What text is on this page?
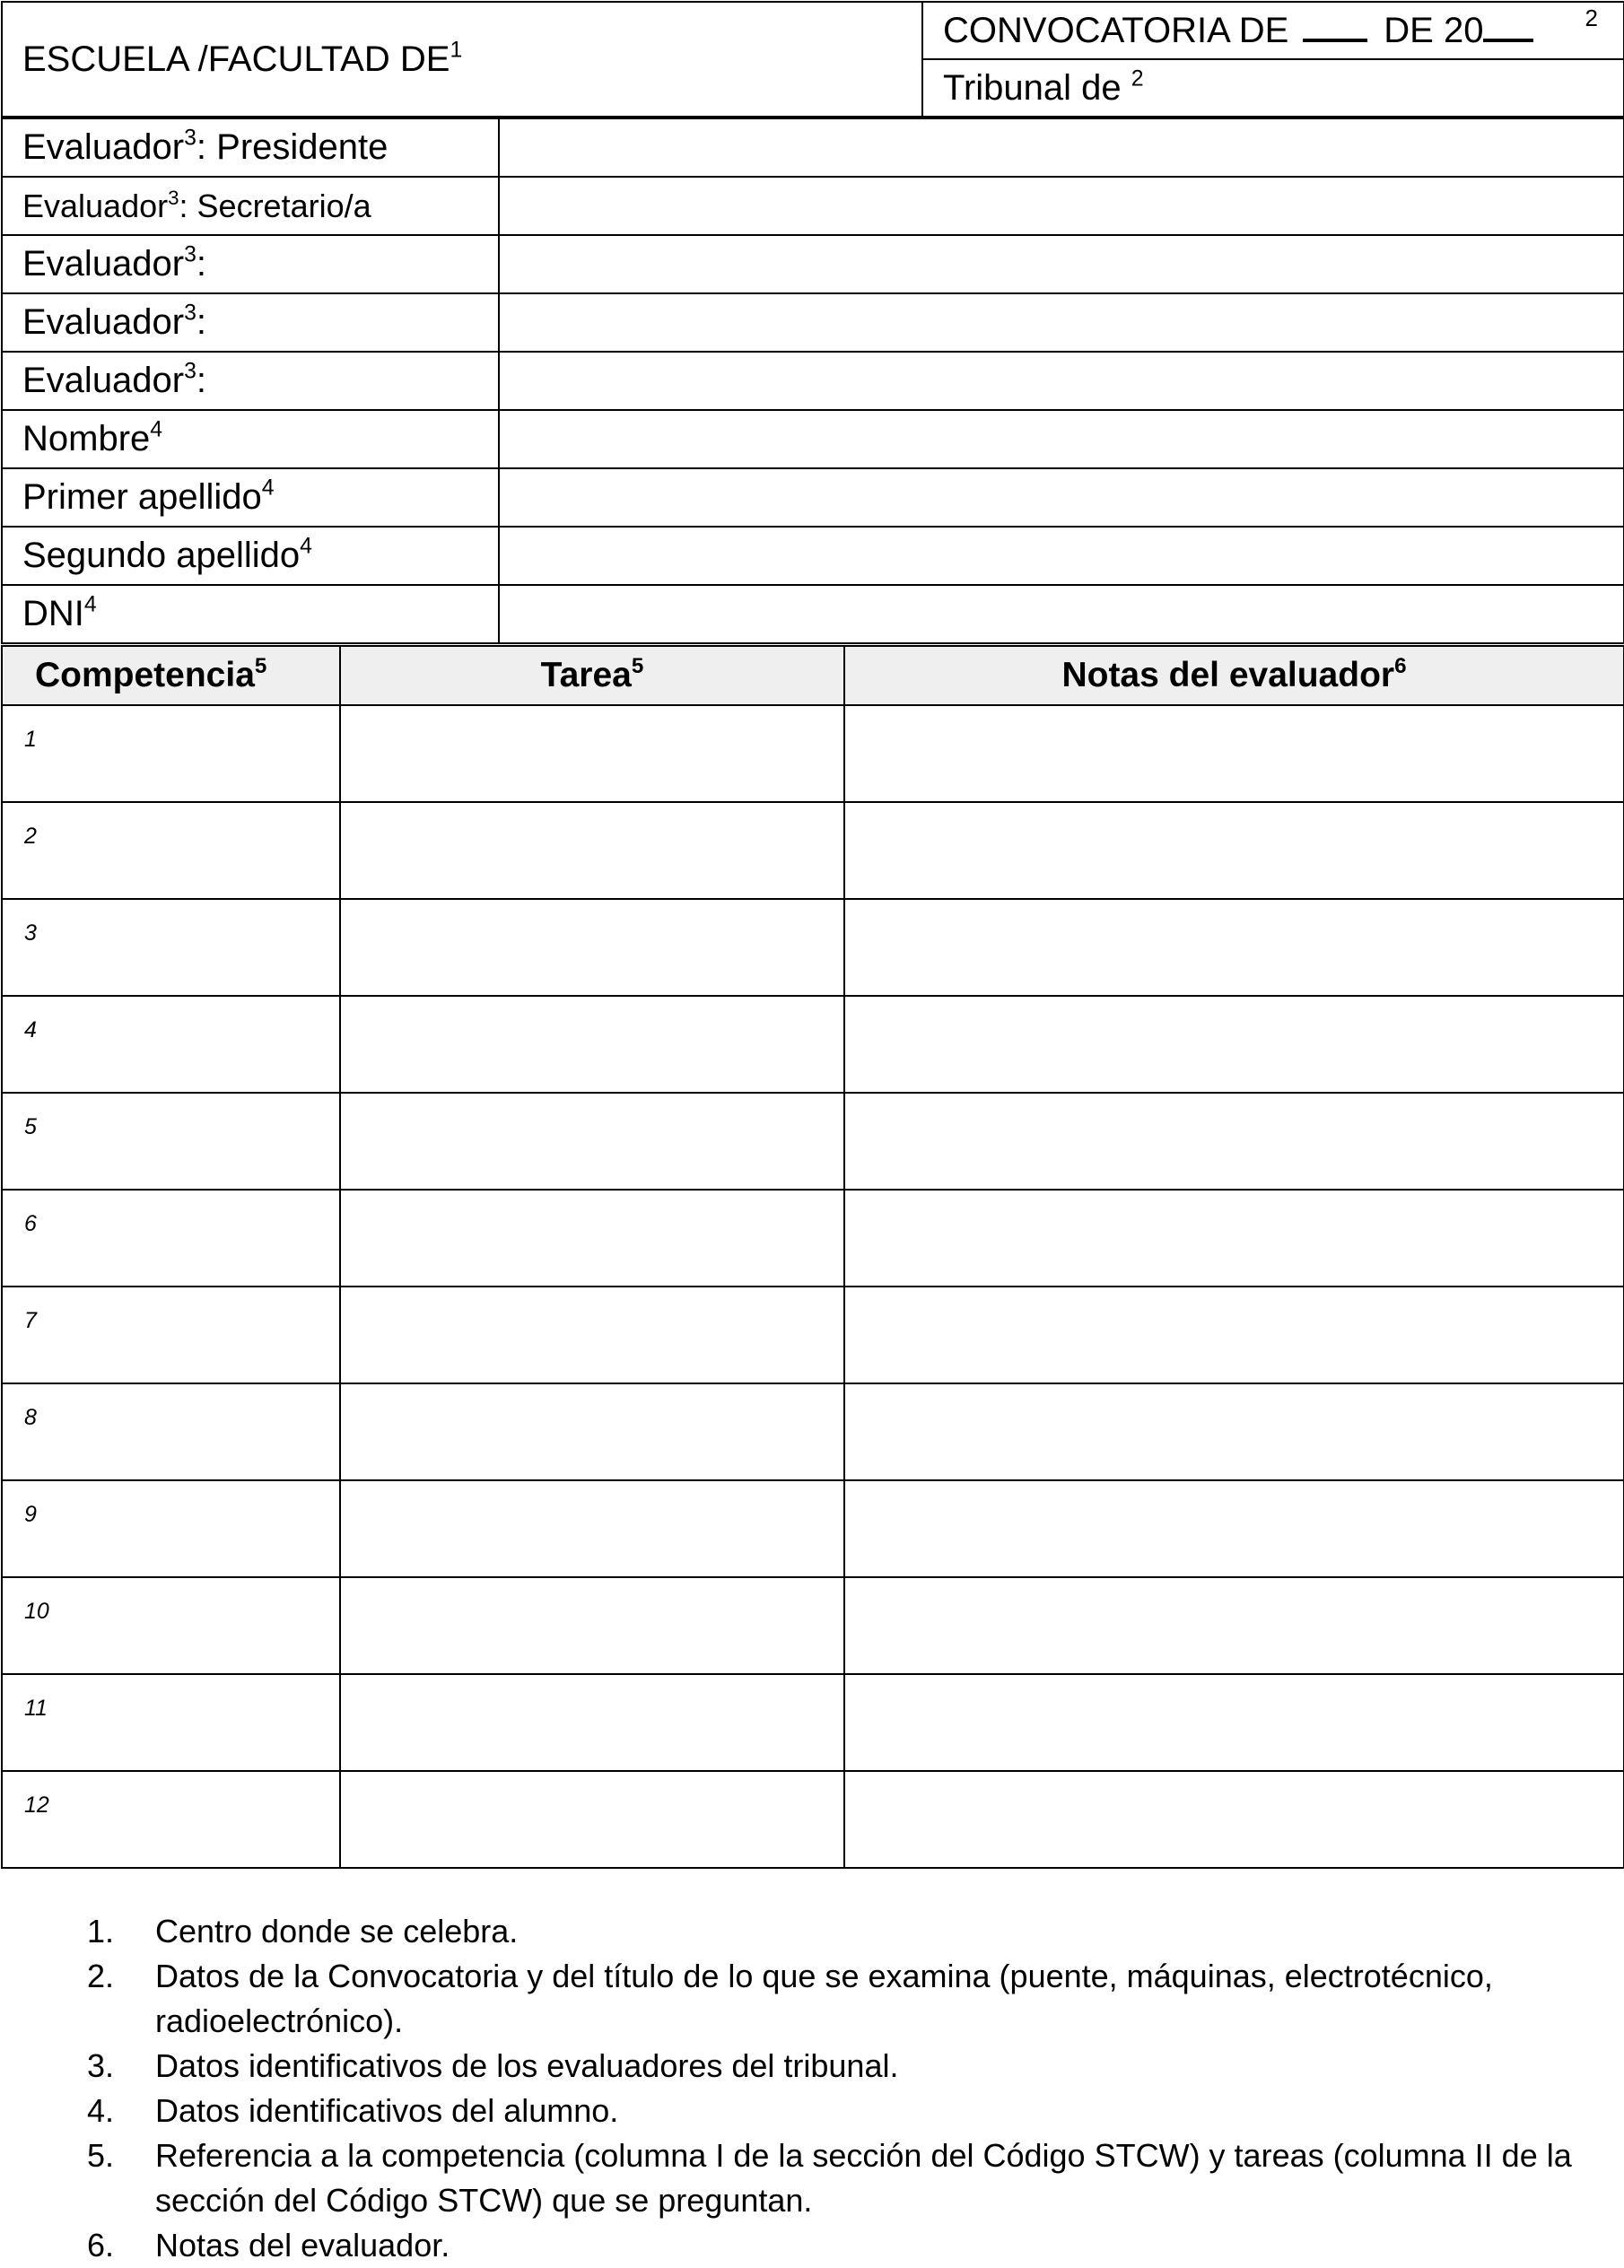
ESCUELA /FACULTAD $DE^1$	CONVOCATORIA DE	DE 20	2

Tribunal de $^2$
Evaluador$^3$: Presidente	
Evaluador$^3$: Secretario/a	
Evaluador$^3$:	
Evaluador$^3$:	
Evaluador$^3$:	
Nombre$^4$	
Primer apellido$^4$	
Segundo apellido$^4$	
DNI$^4$	
Competencia$^5$	Tarea$^5$	Notas del evaluador$^6$

1		

2		

3		

4		

5		

6		

7		

8		

9		

10		

11		

12		

1. Centro donde se celebra.
2. Datos de la Convocatoria y del título de lo que se examina (puente, máquinas, electrotécnico, radioelectrónico).
3. Datos identificativos de los evaluadores del tribunal.
4. Datos identificativos del alumno.
5. Referencia a la competencia (columna I de la sección del Código STCW) y tareas (columna II de la sección del Código STCW) que se preguntan.
6. Notas del evaluador.
